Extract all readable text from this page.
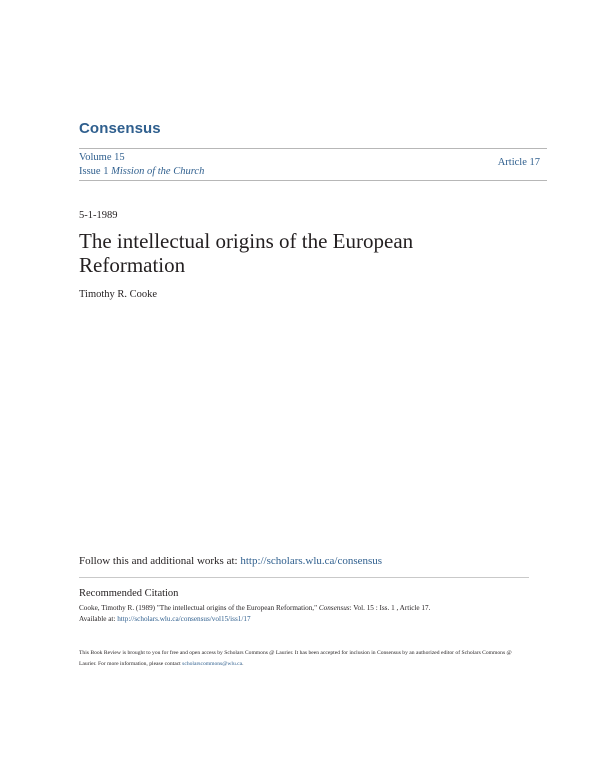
Consensus
Volume 15
Issue 1 Mission of the Church
Article 17
5-1-1989
The intellectual origins of the European Reformation
Timothy R. Cooke
Follow this and additional works at: http://scholars.wlu.ca/consensus
Recommended Citation
Cooke, Timothy R. (1989) "The intellectual origins of the European Reformation," Consensus: Vol. 15 : Iss. 1 , Article 17.
Available at: http://scholars.wlu.ca/consensus/vol15/iss1/17
This Book Review is brought to you for free and open access by Scholars Commons @ Laurier. It has been accepted for inclusion in Consensus by an authorized editor of Scholars Commons @ Laurier. For more information, please contact scholarscommons@wlu.ca.
